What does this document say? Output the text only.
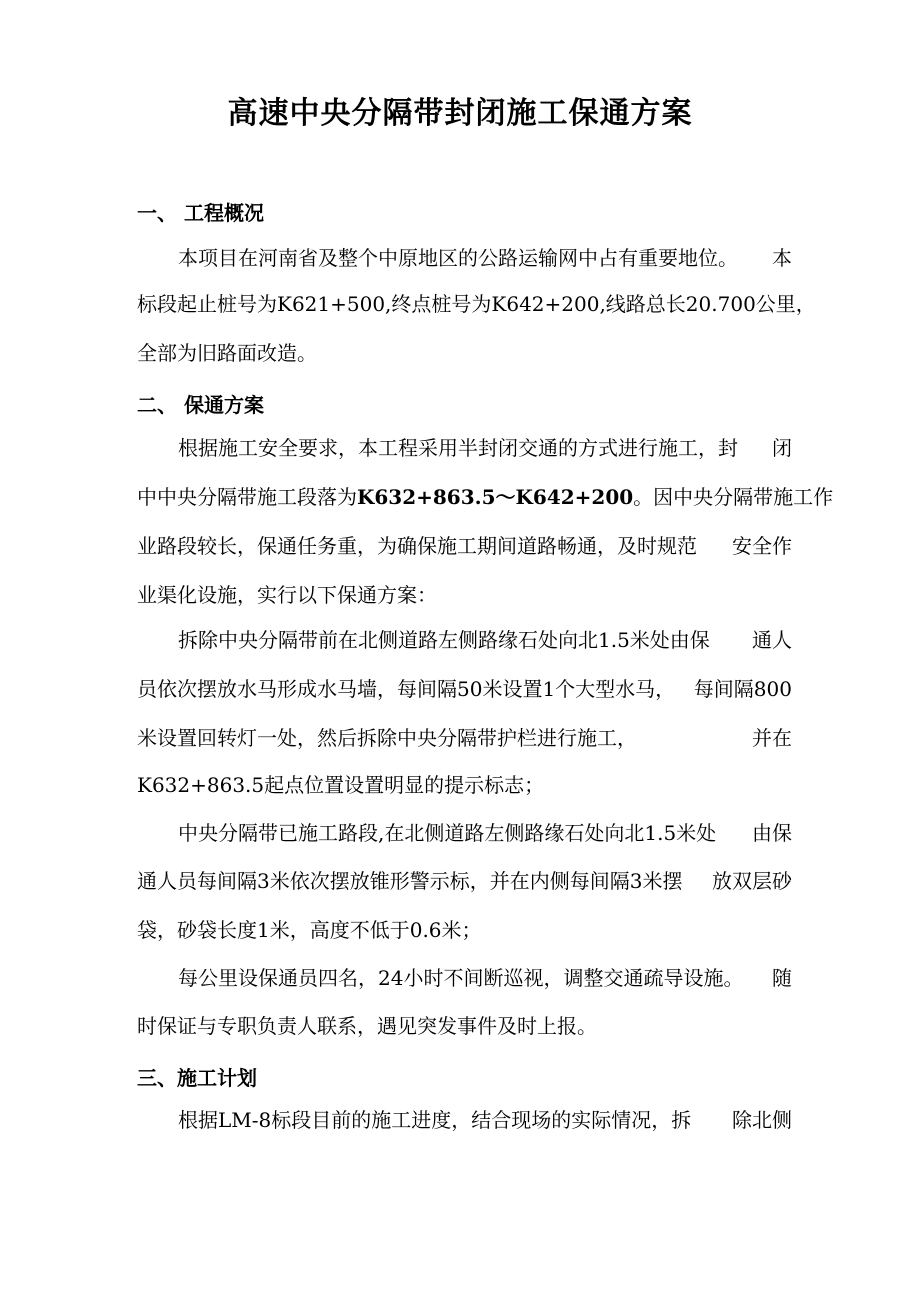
高速中央分隔带封闭施工保通方案
一、 工程概况
本项目在河南省及整个中原地区的公路运输网中占有重要地位。 本
标段起止桩号为K621+500,终点桩号为K642+200,线路总长20.700 公里，
全部为旧路面改造。
二、 保通方案
根据施工安全要求，本工程采用半封闭交通的方式进行施工，封 闭
中中央分隔带施工段落为K632+863.5～K642+200。因中央分隔带施 工作
业路段较长，保通任务重，为确保施工期间道路畅通，及时规范 安全作
业渠化设施，实行以下保通方案：
拆除中央分隔带前在北侧道路左侧路缘石处向北1.5米处由保 通人
员依次摆放水马形成水马墙，每间隔50米设置1个大型水马， 每间隔800
米设置回转灯一处，然后拆除中央分隔带护栏进行施工，	并在
K632+863.5起点位置设置明显的提示标志；
中央分隔带已施工路段,在北侧道路左侧路缘石处向北1.5米处 由保
通人员每间隔3米依次摆放锥形警示标，并在内侧每间隔3米摆 放双层砂
袋，砂袋长度1米，高度不低于0.6米；
每公里设保通员四名，24小时不间断巡视，调整交通疏导设施。 随
时保证与专职负责人联系，遇见突发事件及时上报。
三、施工计划
根据LM-8标段目前的施工进度，结合现场的实际情况，拆 除北侧
